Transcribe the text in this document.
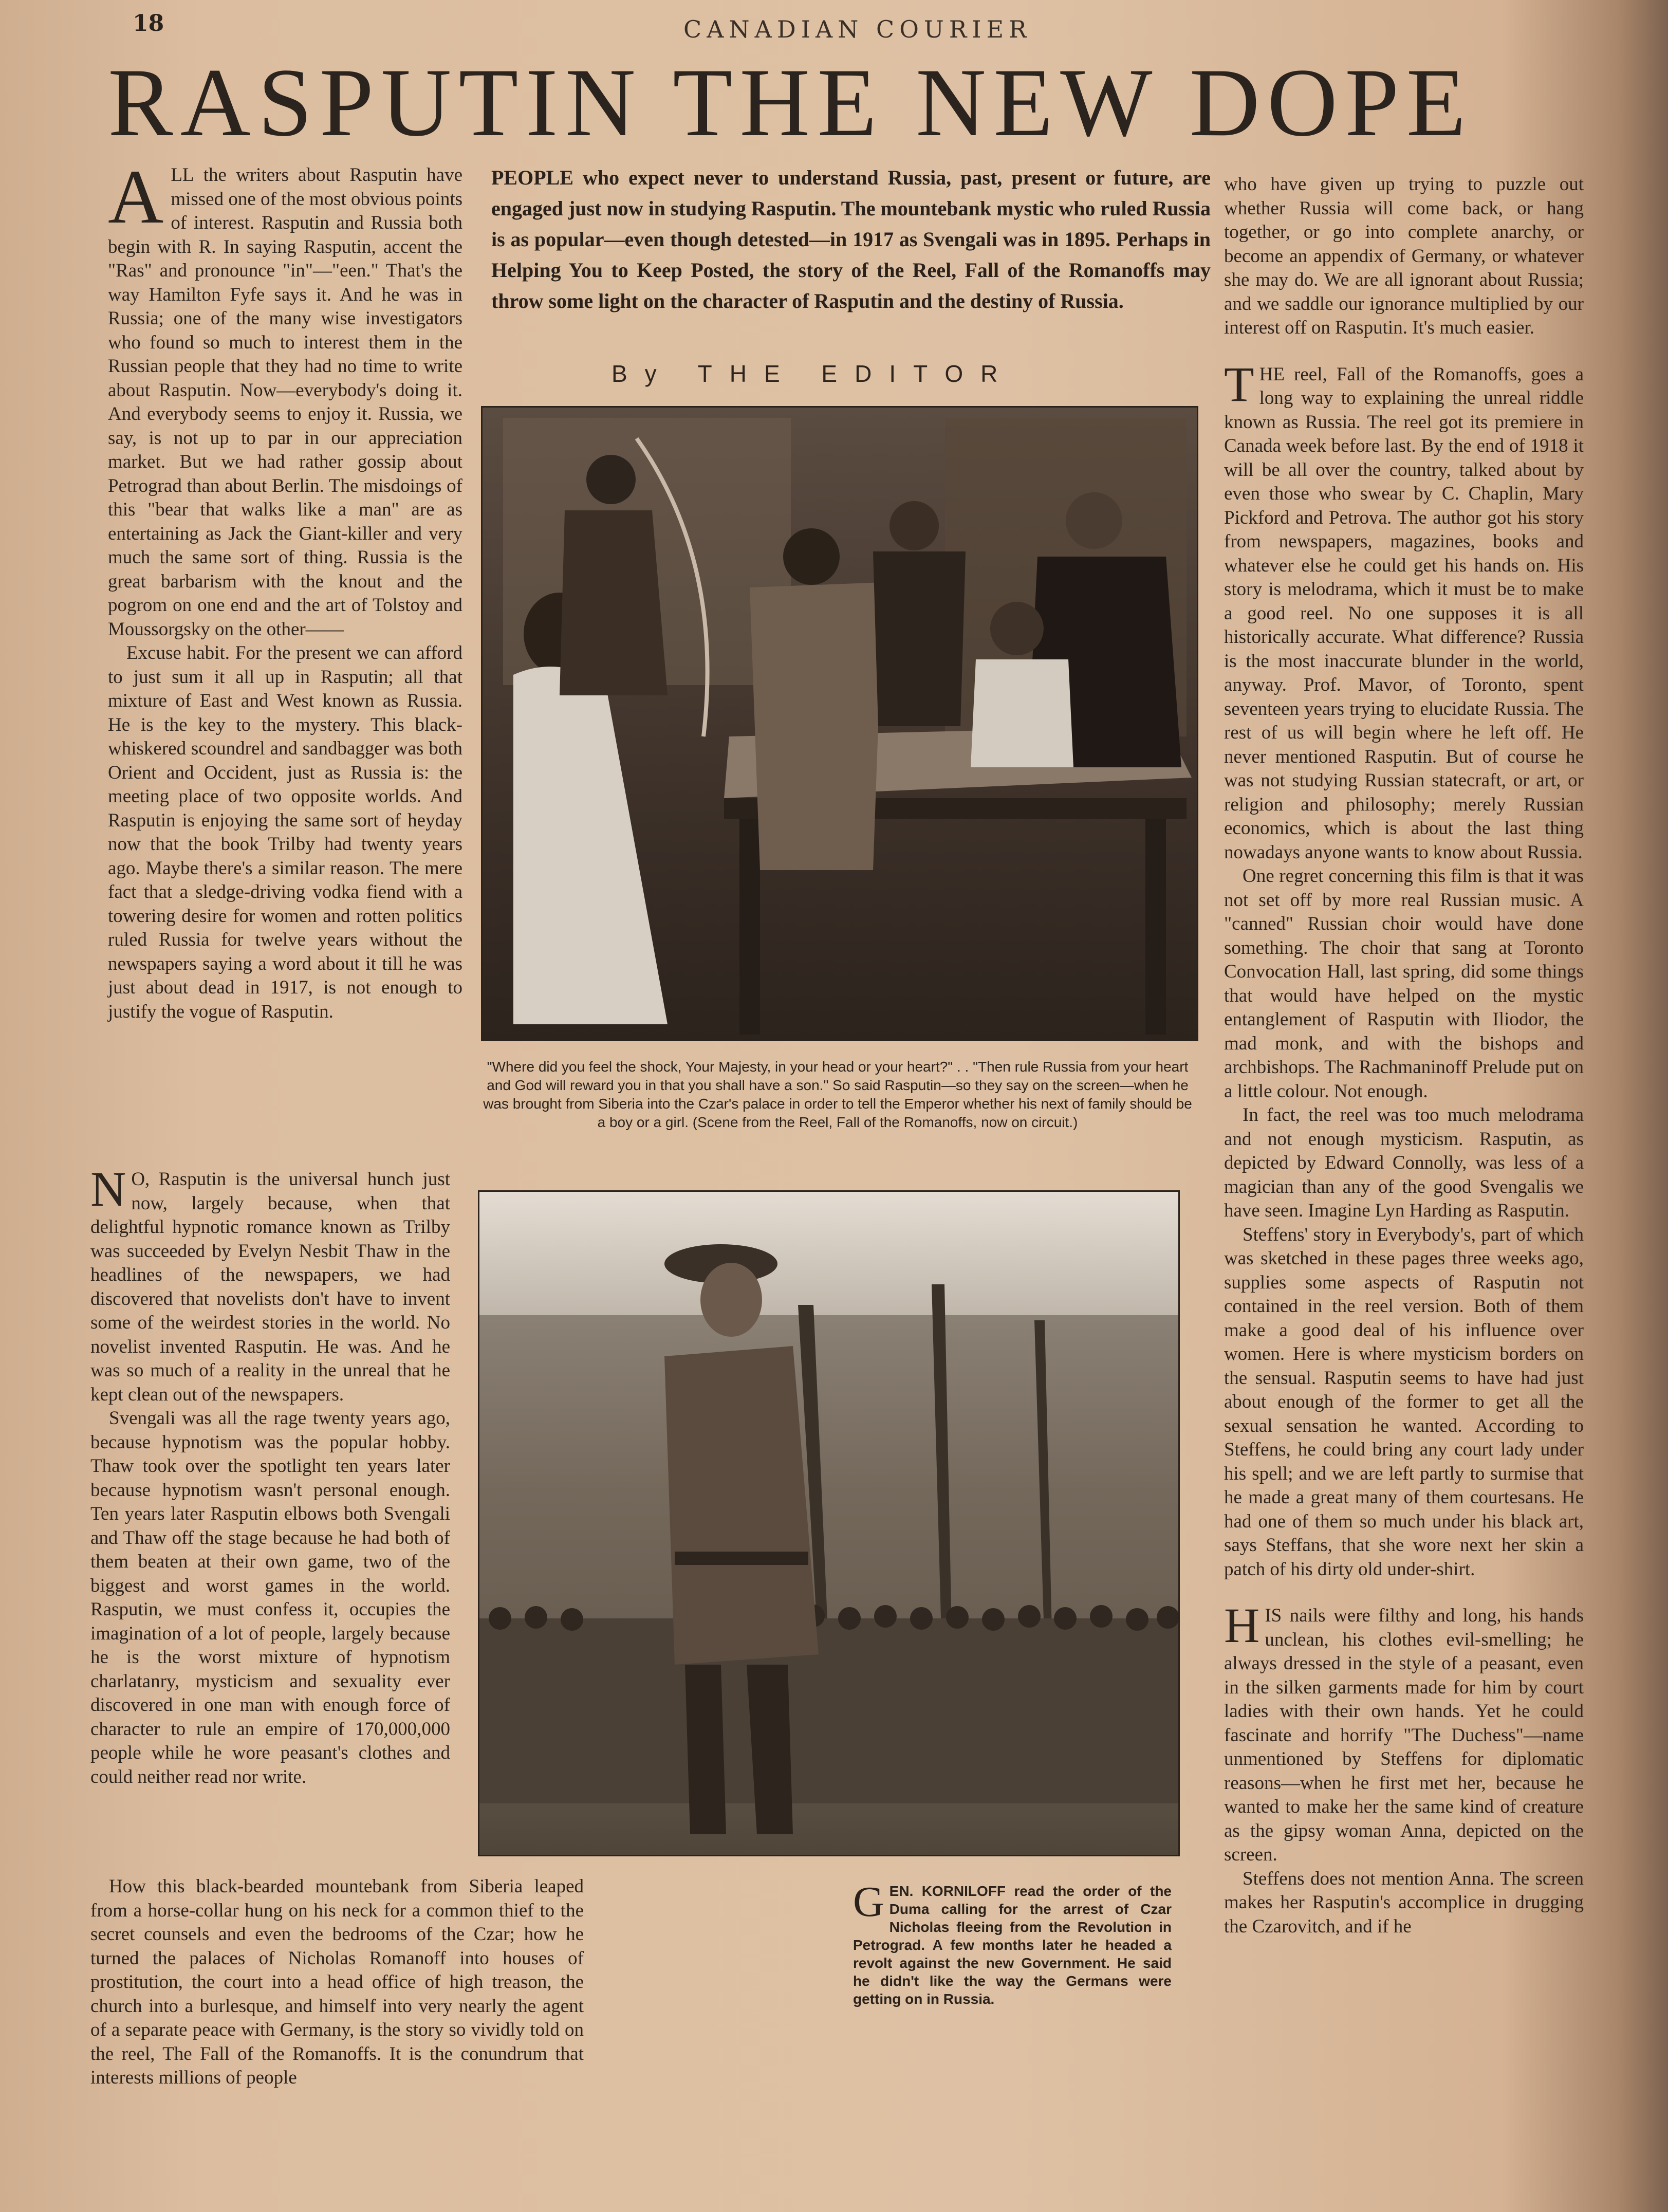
18	CANADIAN COURIER
RASPUTIN THE NEW DOPE
A LL the writers about Rasputin have missed one of the most obvious points of interest. Rasputin and Russia both begin with R. In saying Rasputin, accent the "Ras" and pronounce "in"—"een." That's the way Hamilton Fyfe says it. And he was in Russia; one of the many wise investigators who found so much to interest them in the Russian people that they had no time to write about Rasputin. Now—everybody's doing it. And everybody seems to enjoy it. Russia, we say, is not up to par in our appreciation market. But we had rather gossip about Petrograd than about Berlin. The misdoings of this "bear that walks like a man" are as entertaining as Jack the Giant-killer and very much the same sort of thing. Russia is the great barbarism with the knout and the pogrom on one end and the art of Tolstoy and Moussorgsky on the other——

Excuse habit. For the present we can afford to just sum it all up in Rasputin; all that mixture of East and West known as Russia. He is the key to the mystery. This black-whiskered scoundrel and sandbagger was both Orient and Occident, just as Russia is: the meeting place of two opposite worlds. And Rasputin is enjoying the same sort of heyday now that the book Trilby had twenty years ago. Maybe there's a similar reason. The mere fact that a sledge-driving vodka fiend with a towering desire for women and rotten politics ruled Russia for twelve years without the newspapers saying a word about it till he was just about dead in 1917, is not enough to justify the vogue of Rasputin.

N O, Rasputin is the universal hunch just now, largely because, when that delightful hypnotic romance known as Trilby was succeeded by Evelyn Nesbit Thaw in the headlines of the newspapers, we had discovered that novelists don't have to invent some of the weirdest stories in the world. No novelist invented Rasputin. He was. And he was so much of a reality in the unreal that he kept clean out of the newspapers.

Svengali was all the rage twenty years ago, because hypnotism was the popular hobby. Thaw took over the spotlight ten years later because hypnotism wasn't personal enough. Ten years later Rasputin elbows both Svengali and Thaw off the stage because he had both of them beaten at their own game, two of the biggest and worst games in the world. Rasputin, we must confess it, occupies the imagination of a lot of people, largely because he is the worst mixture of hypnotism charlatanry, mysticism and sexuality ever discovered in one man with enough force of character to rule an empire of 170,000,000 people while he wore peasant's clothes and could neither read nor write.

How this black-bearded mountebank from Siberia leaped from a horse-collar hung on his neck for a common thief to the secret counsels and even the bedrooms of the Czar; how he turned the palaces of Nicholas Romanoff into houses of prostitution, the court into a head office of high treason, the church into a burlesque, and himself into very nearly the agent of a separate peace with Germany, is the story so vividly told on the reel, The Fall of the Romanoffs. It is the conundrum that interests millions of people

PEOPLE who expect never to understand Russia, past, present or future, are engaged just now in studying Rasputin. The mountebank mystic who ruled Russia is as popular—even though detested—in 1917 as Svengali was in 1895. Perhaps in Helping You to Keep Posted, the story of the Reel, Fall of the Romanoffs may throw some light on the character of Rasputin and the destiny of Russia.
By THE EDITOR
"Where did you feel the shock, Your Majesty, in your head or your heart?" . . "Then rule Russia from your heart and God will reward you in that you shall have a son." So said Rasputin—so they say on the screen—when he was brought from Siberia into the Czar's palace in order to tell the Emperor whether his next of family should be a boy or a girl. (Scene from the Reel, Fall of the Romanoffs, now on circuit.)
G EN. KORNILOFF read the order of the Duma calling for the arrest of Czar Nicholas fleeing from the Revolution in Petrograd. A few months later he headed a revolt against the new Government. He said he didn't like the way the Germans were getting on in Russia.

who have given up trying to puzzle out whether Russia will come back, or hang together, or go into complete anarchy, or become an appendix of Germany, or whatever she may do. We are all ignorant about Russia; and we saddle our ignorance multiplied by our interest off on Rasputin. It's much easier.

T HE reel, Fall of the Romanoffs, goes a long way to explaining the unreal riddle known as Russia. The reel got its premiere in Canada week before last. By the end of 1918 it will be all over the country, talked about by even those who swear by C. Chaplin, Mary Pickford and Petrova. The author got his story from newspapers, magazines, books and whatever else he could get his hands on. His story is melodrama, which it must be to make a good reel. No one supposes it is all historically accurate. What difference? Russia is the most inaccurate blunder in the world, anyway. Prof. Mavor, of Toronto, spent seventeen years trying to elucidate Russia. The rest of us will begin where he left off. He never mentioned Rasputin. But of course he was not studying Russian statecraft, or art, or religion and philosophy; merely Russian economics, which is about the last thing nowadays anyone wants to know about Russia.

One regret concerning this film is that it was not set off by more real Russian music. A "canned" Russian choir would have done something. The choir that sang at Toronto Convocation Hall, last spring, did some things that would have helped on the mystic entanglement of Rasputin with Iliodor, the mad monk, and with the bishops and archbishops. The Rachmaninoff Prelude put on a little colour. Not enough.

In fact, the reel was too much melodrama and not enough mysticism. Rasputin, as depicted by Edward Connolly, was less of a magician than any of the good Svengalis we have seen. Imagine Lyn Harding as Rasputin.

Steffens' story in Everybody's, part of which was sketched in these pages three weeks ago, supplies some aspects of Rasputin not contained in the reel version. Both of them make a good deal of his influence over women. Here is where mysticism borders on the sensual. Rasputin seems to have had just about enough of the former to get all the sexual sensation he wanted. According to Steffens, he could bring any court lady under his spell; and we are left partly to surmise that he made a great many of them courtesans. He had one of them so much under his black art, says Steffans, that she wore next her skin a patch of his dirty old under-shirt.

H IS nails were filthy and long, his hands unclean, his clothes evil-smelling; he always dressed in the style of a peasant, even in the silken garments made for him by court ladies with their own hands. Yet he could fascinate and horrify "The Duchess"—name unmentioned by Steffens for diplomatic reasons—when he first met her, because he wanted to make her the same kind of creature as the gipsy woman Anna, depicted on the screen.

Steffens does not mention Anna. The screen makes her Rasputin's accomplice in drugging the Czarovitch, and if he
